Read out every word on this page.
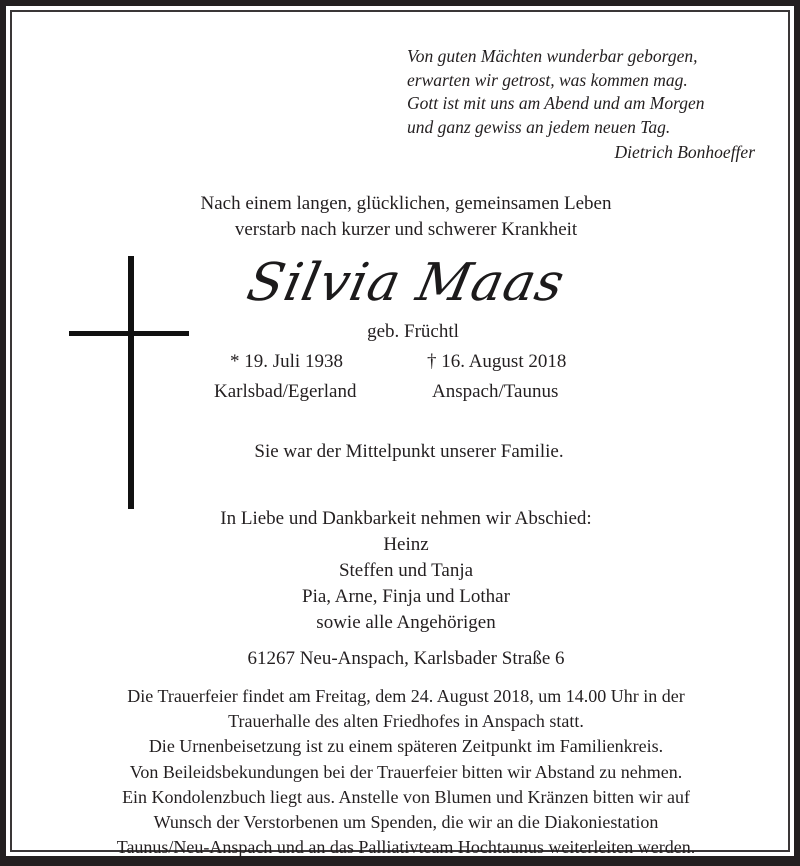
Von guten Mächten wunderbar geborgen,
erwarten wir getrost, was kommen mag.
Gott ist mit uns am Abend und am Morgen
und ganz gewiss an jedem neuen Tag.
Dietrich Bonhoeffer
Nach einem langen, glücklichen, gemeinsamen Leben
verstarb nach kurzer und schwerer Krankheit
Silvia Maas
geb. Früchtl
* 19. Juli 1938	† 16. August 2018
Karlsbad/Egerland	Anspach/Taunus
Sie war der Mittelpunkt unserer Familie.
In Liebe und Dankbarkeit nehmen wir Abschied:
Heinz
Steffen und Tanja
Pia, Arne, Finja und Lothar
sowie alle Angehörigen
61267 Neu-Anspach, Karlsbader Straße 6
Die Trauerfeier findet am Freitag, dem 24. August 2018, um 14.00 Uhr in der
Trauerhalle des alten Friedhofes in Anspach statt.
Die Urnenbeisetzung ist zu einem späteren Zeitpunkt im Familienkreis.
Von Beileidsbekundungen bei der Trauerfeier bitten wir Abstand zu nehmen.
Ein Kondolenzbuch liegt aus. Anstelle von Blumen und Kränzen bitten wir auf
Wunsch der Verstorbenen um Spenden, die wir an die Diakoniestation
Taunus/Neu-Anspach und an das Palliativteam Hochtaunus weiterleiten werden.
